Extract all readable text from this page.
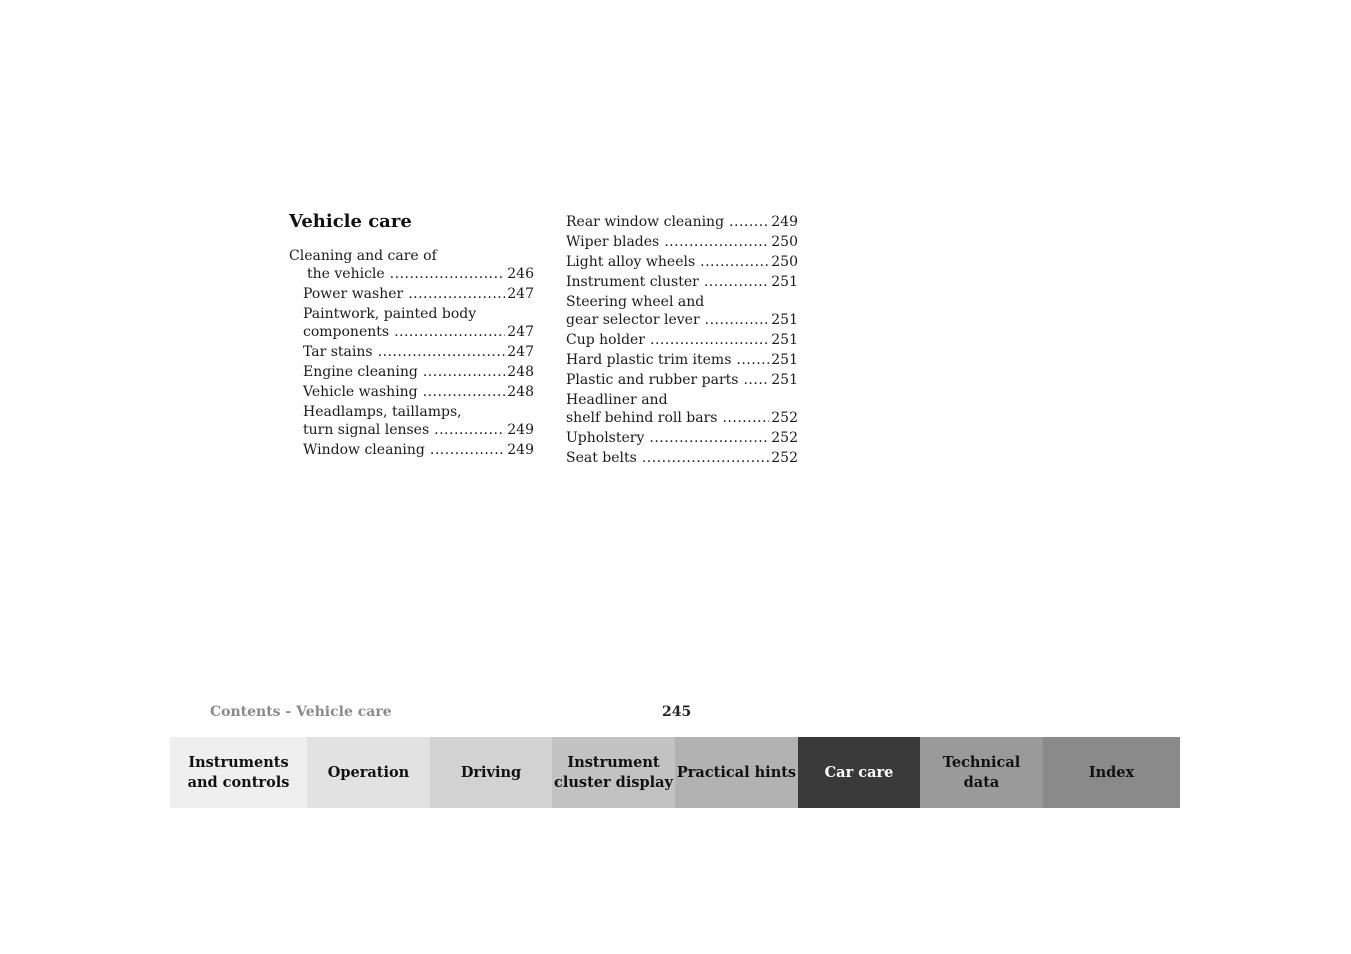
Vehicle care
Cleaning and care of
the vehicle .....	246
Power washer .....	247
Paintwork, painted body
components .....	247
Tar stains .....	247
Engine cleaning .....	248
Vehicle washing .....	248
Headlamps, taillamps,
turn signal lenses .....	249
Window cleaning .....	249
Rear window cleaning .....	249
Wiper blades .....	250
Light alloy wheels .....	250
Instrument cluster .....	251
Steering wheel and
gear selector lever .....	251
Cup holder .....	251
Hard plastic trim items .....	251
Plastic and rubber parts ..... 251
Headliner and
shelf behind roll bars .....	252
Upholstery .....	252
Seat belts .....	252
Contents - Vehicle care	245
Instruments
and controls
Operation	Driving
Instrument
cluster display
Practical hints	Car care
Technical
data
Index
